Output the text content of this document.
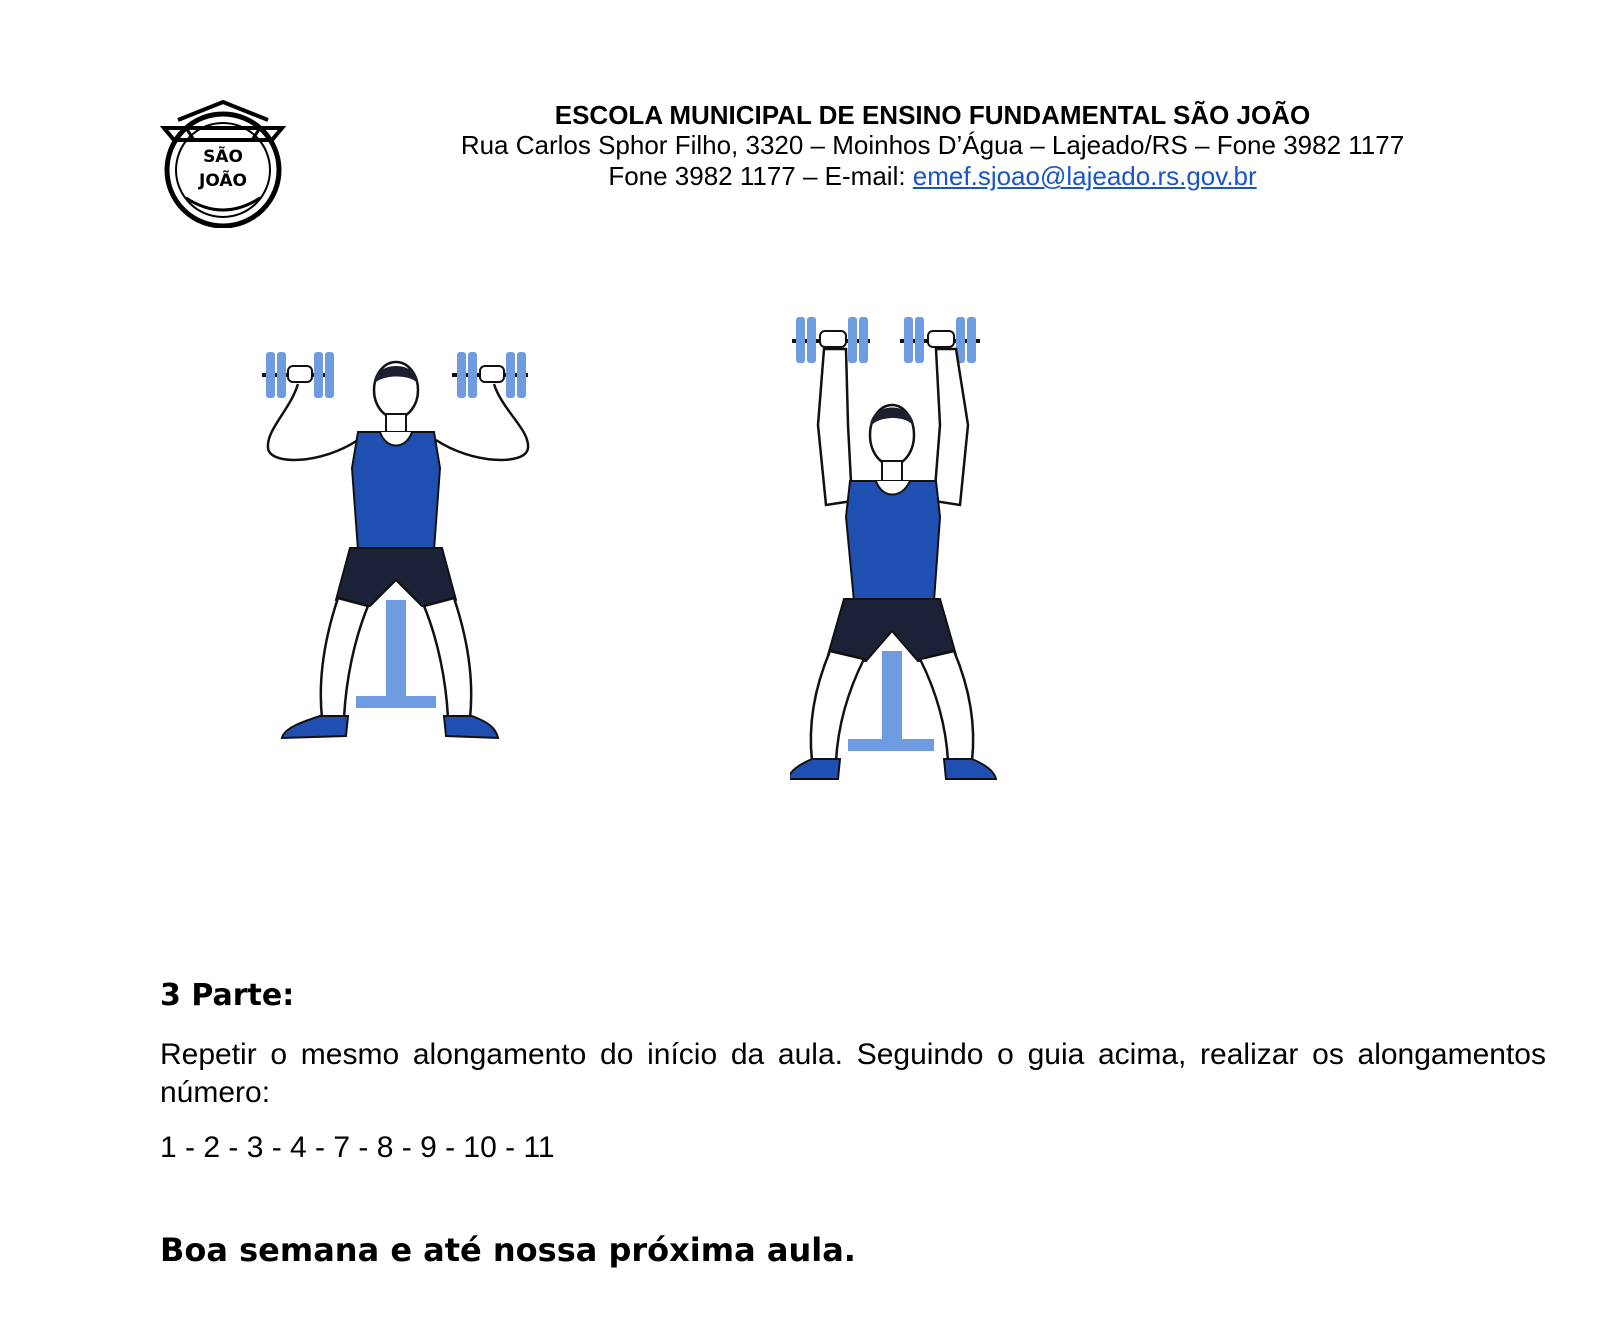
SÃO
JOÃO
ESCOLA MUNICIPAL DE ENSINO FUNDAMENTAL SÃO JOÃO
Rua Carlos Sphor Filho, 3320 – Moinhos D’Água – Lajeado/RS – Fone 3982 1177
Fone 3982 1177 – E-mail: emef.sjoao@lajeado.rs.gov.br
3 Parte:
Repetir o mesmo alongamento do início da aula. Seguindo o guia acima, realizar os alongamentos número:
1 - 2 - 3 - 4 - 7 - 8 - 9 - 10 - 11
Boa semana e até nossa próxima aula.
